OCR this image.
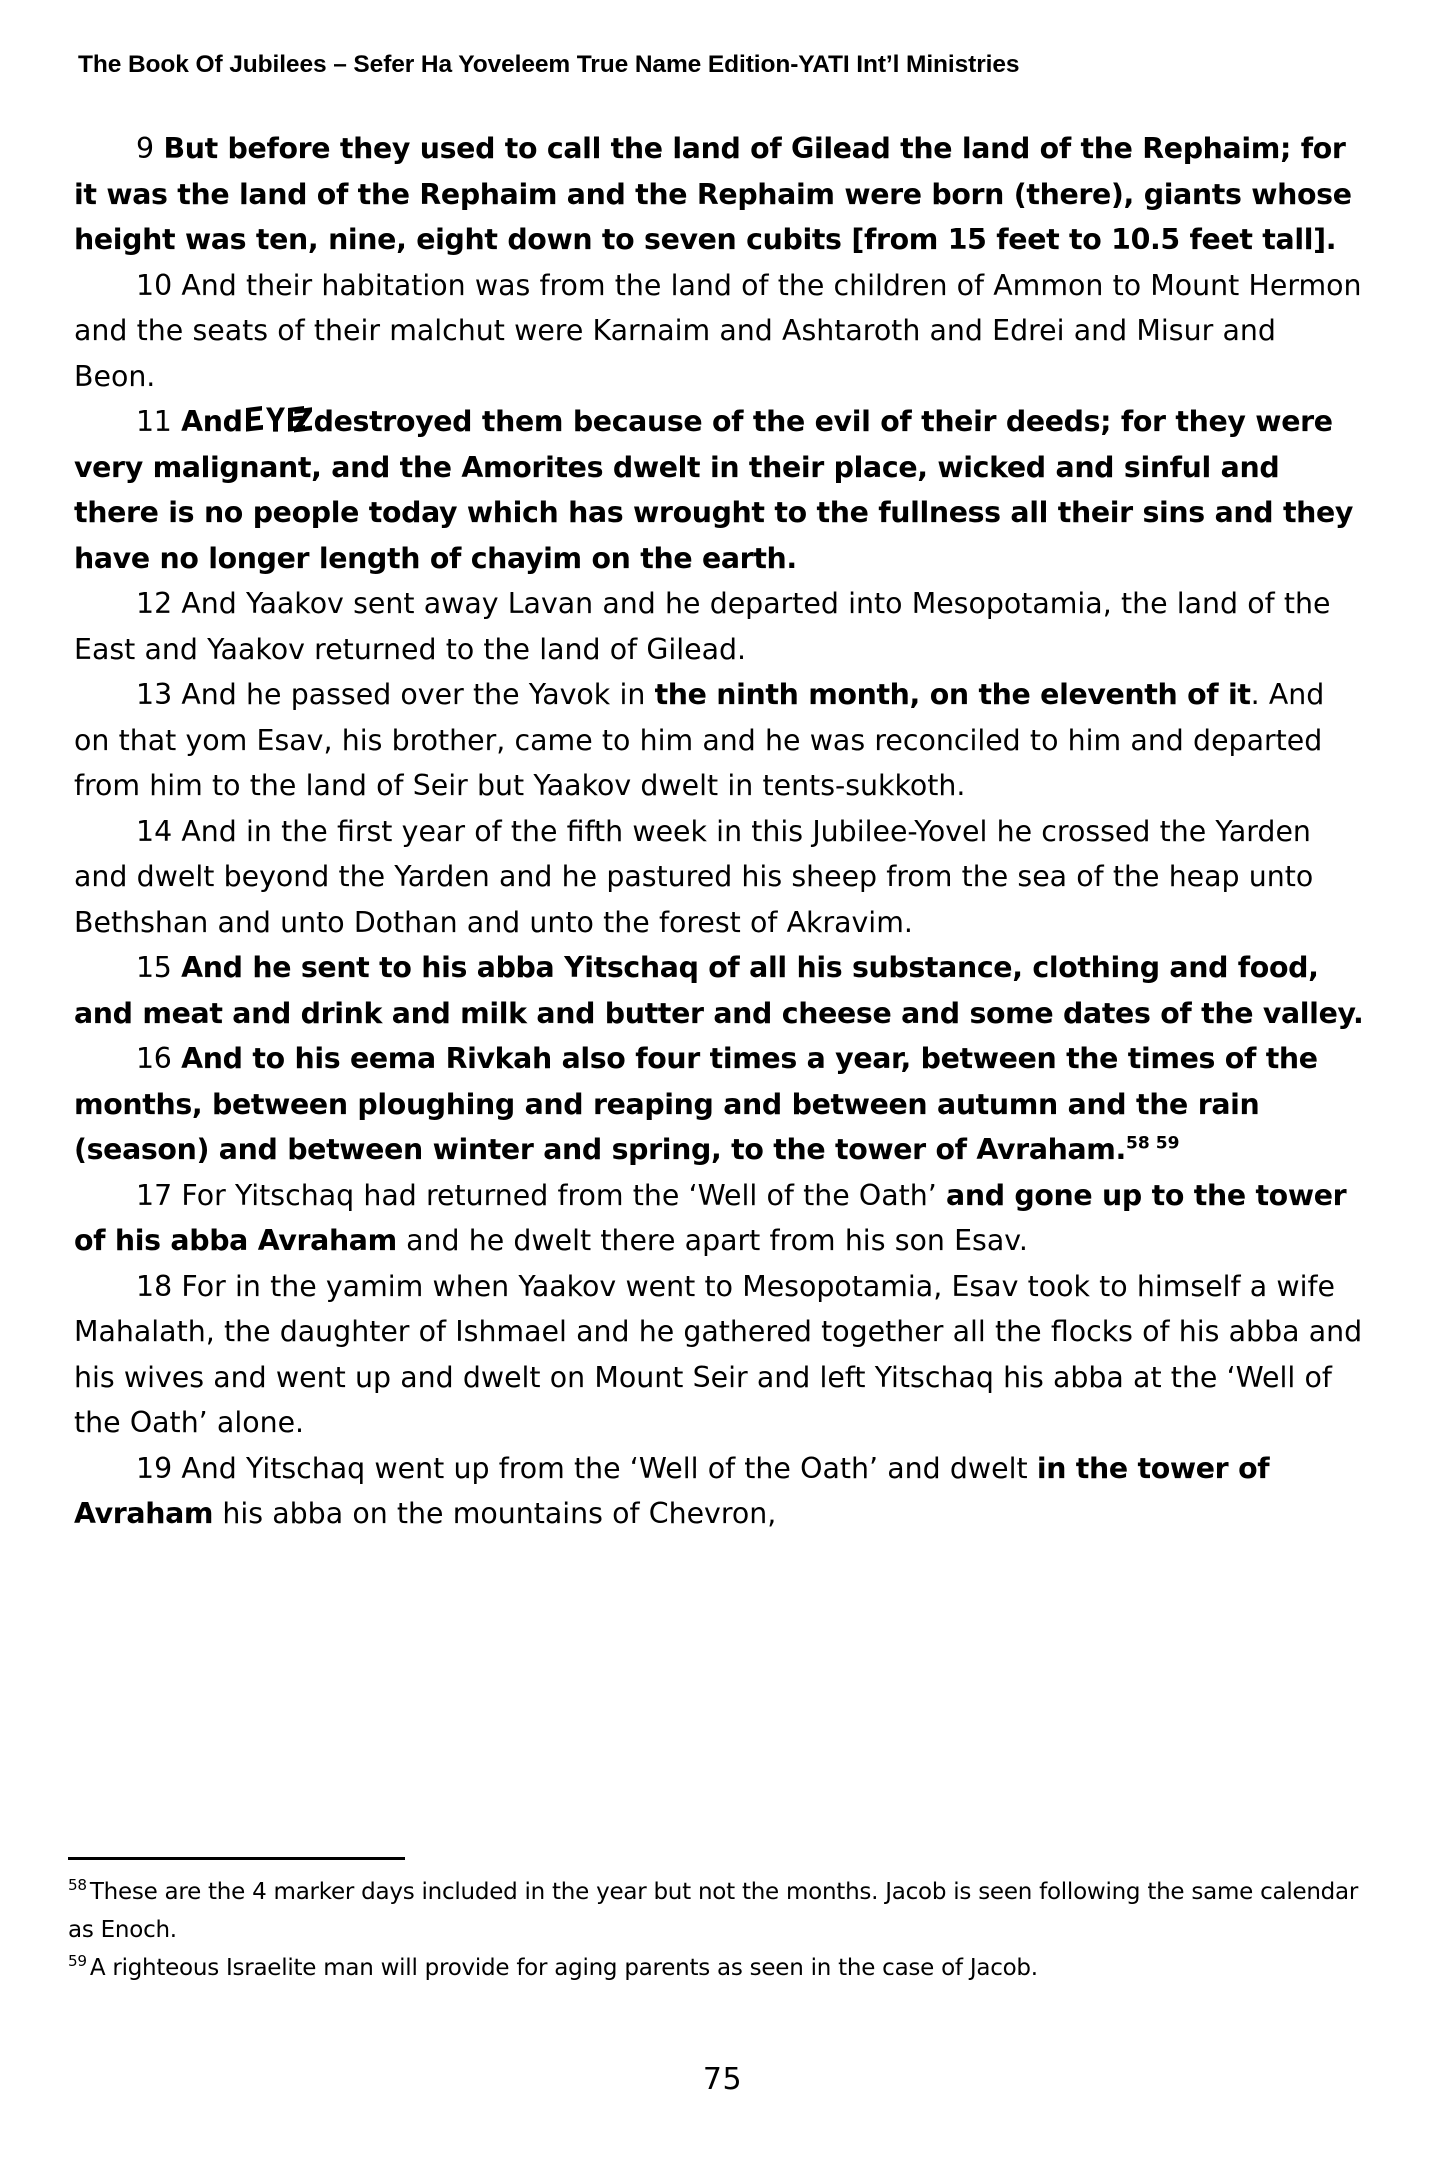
The Book Of Jubilees – Sefer Ha Yoveleem True Name Edition-YATI Int’l Ministries

9 But before they used to call the land of Gilead the land of the Rephaim; for it was the land of the Rephaim and the Rephaim were born (there), giants whose height was ten, nine, eight down to seven cubits [from 15 feet to 10.5 feet tall].

10 And their habitation was from the land of the children of Ammon to Mount Hermon and the seats of their malchut were Karnaim and Ashtaroth and Edrei and Misur and Beon.

11 And	destroyed them because of the evil of their deeds; for they were very malignant, and the Amorites dwelt in their place, wicked and sinful and there is no people today which has wrought to the fullness all their sins and they have no longer length of chayim on the earth.

12 And Yaakov sent away Lavan and he departed into Mesopotamia, the land of the East and Yaakov returned to the land of Gilead.

13 And he passed over the Yavok in the ninth month, on the eleventh of it. And on that yom Esav, his brother, came to him and he was reconciled to him and departed from him to the land of Seir but Yaakov dwelt in tents-sukkoth.

14 And in the first year of the fifth week in this Jubilee-Yovel he crossed the Yarden and dwelt beyond the Yarden and he pastured his sheep from the sea of the heap unto Bethshan and unto Dothan and unto the forest of Akravim.

15 And he sent to his abba Yitschaq of all his substance, clothing and food, and meat and drink and milk and butter and cheese and some dates of the valley.

16 And to his eema Rivkah also four times a year, between the times of the months, between ploughing and reaping and between autumn and the rain (season) and between winter and spring, to the tower of Avraham.$^{58 59}$

17 For Yitschaq had returned from the ‘Well of the Oath’ and gone up to the tower of his abba Avraham and he dwelt there apart from his son Esav.

18 For in the yamim when Yaakov went to Mesopotamia, Esav took to himself a wife Mahalath, the daughter of Ishmael and he gathered together all the flocks of his abba and his wives and went up and dwelt on Mount Seir and left Yitschaq his abba at the ‘Well of the Oath’ alone.

19 And Yitschaq went up from the ‘Well of the Oath’ and dwelt in the tower of Avraham his abba on the mountains of Chevron,

$^{58}$ These are the 4 marker days included in the year but not the months. Jacob is seen following the same calendar as Enoch.

$^{59}$ A righteous Israelite man will provide for aging parents as seen in the case of Jacob.

75
